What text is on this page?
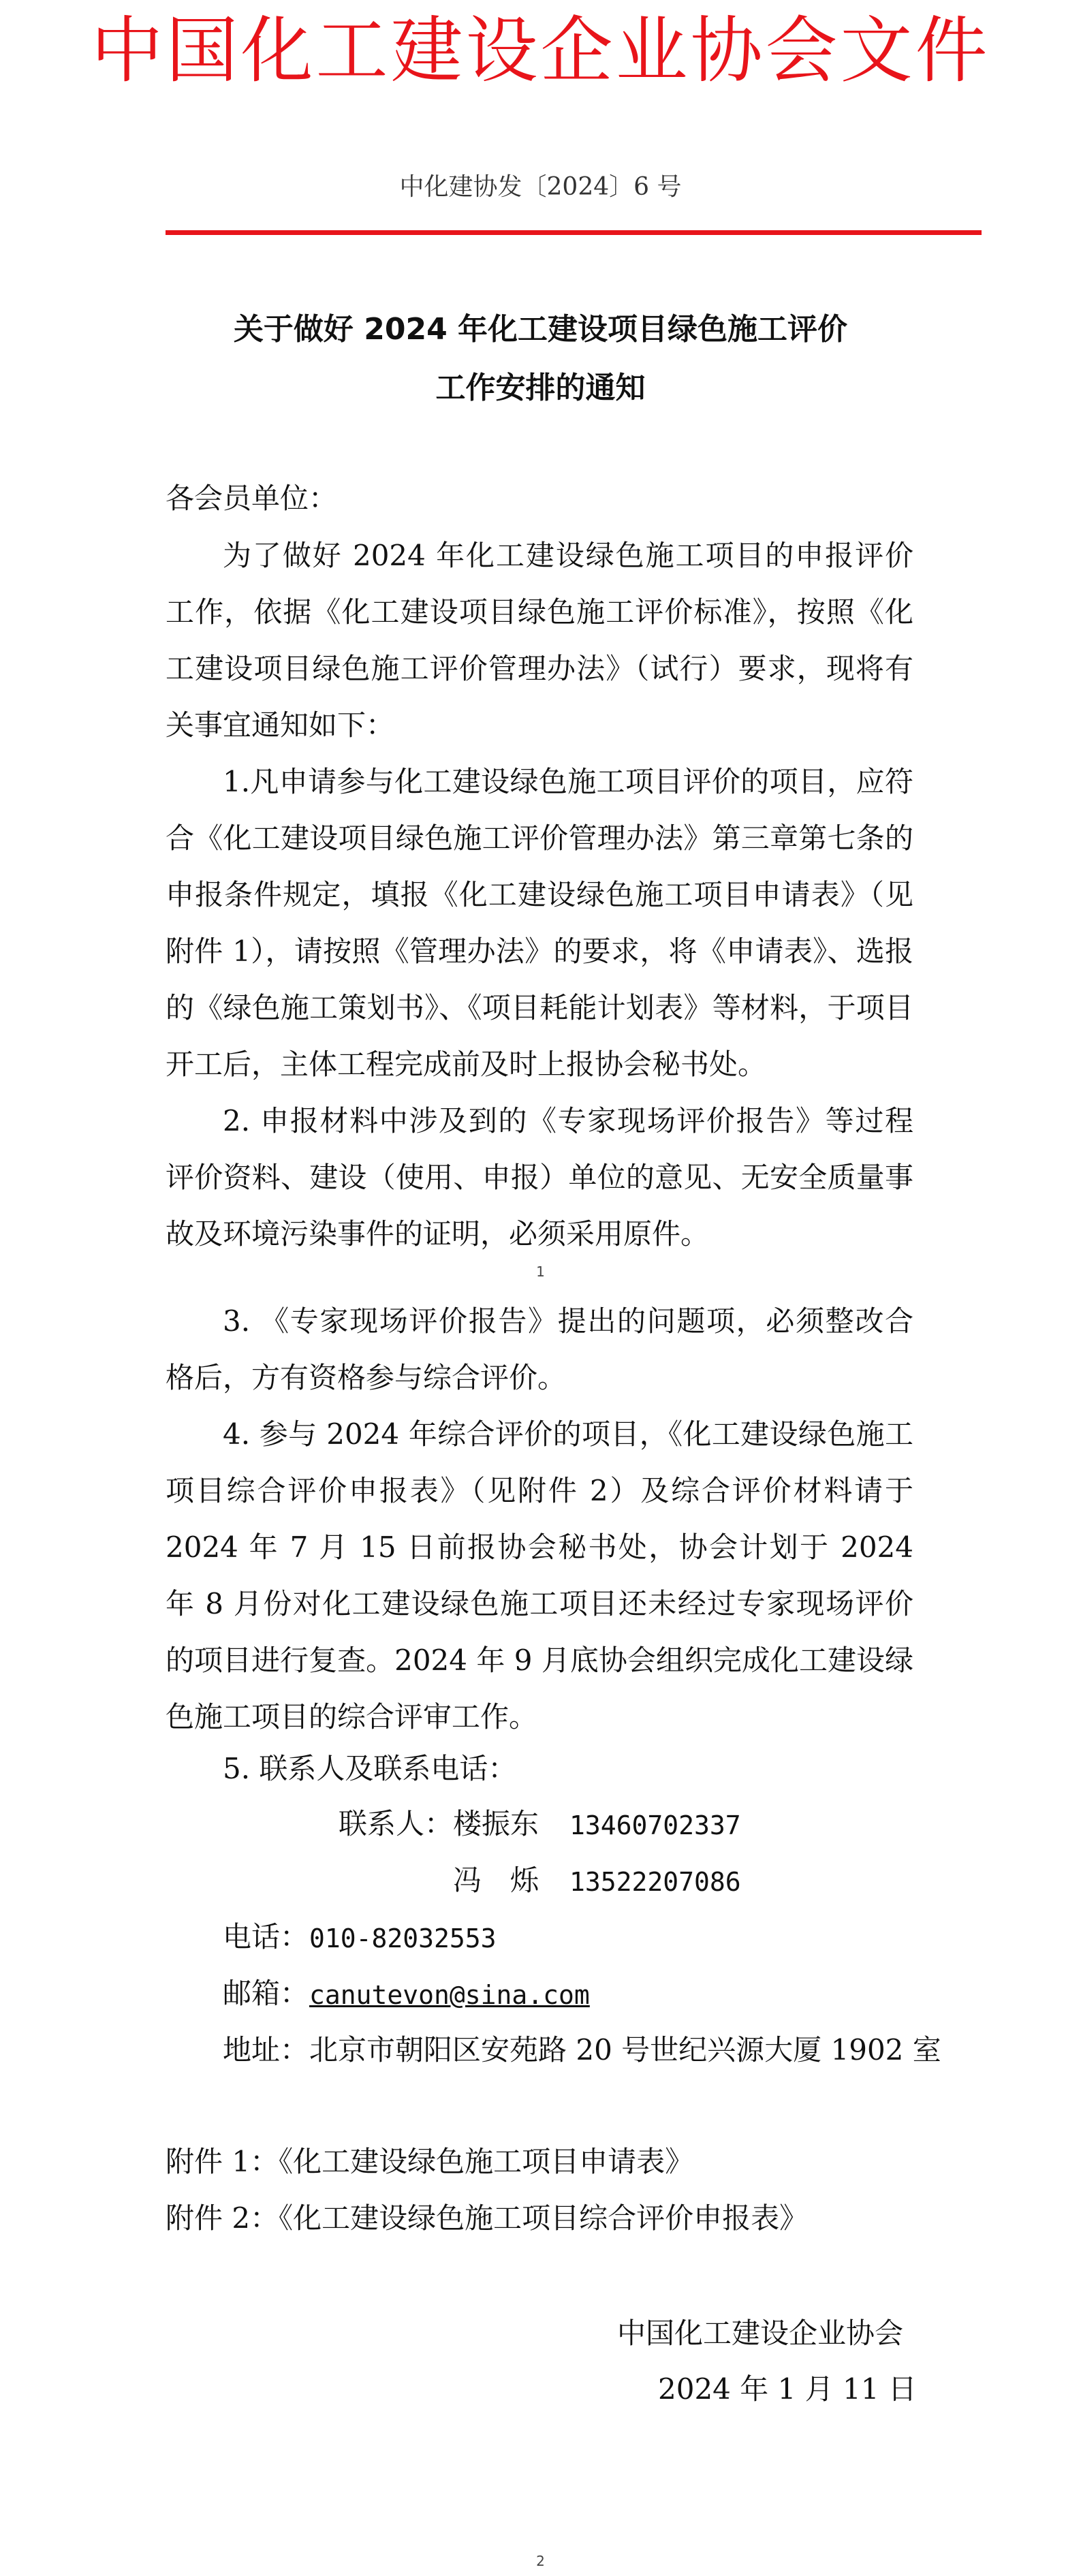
中国化工建设企业协会文件
中化建协发〔2024〕6 号
关于做好 2024 年化工建设项目绿色施工评价
工作安排的通知
各会员单位：

为了做好 2024 年化工建设绿色施工项目的申报评价工作，依据《化工建设项目绿色施工评价标准》，按照《化工建设项目绿色施工评价管理办法》（试行）要求，现将有关事宜通知如下：

1.凡申请参与化工建设绿色施工项目评价的项目，应符合《化工建设项目绿色施工评价管理办法》第三章第七条的申报条件规定，填报《化工建设绿色施工项目申请表》（见附件 1），请按照《管理办法》的要求，将《申请表》、选报的《绿色施工策划书》、《项目耗能计划表》等材料，于项目开工后，主体工程完成前及时上报协会秘书处。

2. 申报材料中涉及到的《专家现场评价报告》等过程评价资料、建设（使用、申报）单位的意见、无安全质量事故及环境污染事件的证明，必须采用原件。

1

3. 《专家现场评价报告》提出的问题项，必须整改合格后，方有资格参与综合评价。

4. 参与 2024 年综合评价的项目，《化工建设绿色施工项目综合评价申报表》（见附件 2）及综合评价材料请于 2024 年 7 月 15 日前报协会秘书处，协会计划于 2024 年 8 月份对化工建设绿色施工项目还未经过专家现场评价的项目进行复查。2024 年 9 月底协会组织完成化工建设绿色施工项目的综合评审工作。

5. 联系人及联系电话：
联系人： 楼振东 13460702337
冯　烁 13522207086
电话： 010-82032553
邮箱： canutevon@sina.com
地址： 北京市朝阳区安苑路 20 号世纪兴源大厦 1902 室
附件 1：《化工建设绿色施工项目申请表》
附件 2：《化工建设绿色施工项目综合评价申报表》
中国化工建设企业协会
2024 年 1 月 11 日
2
